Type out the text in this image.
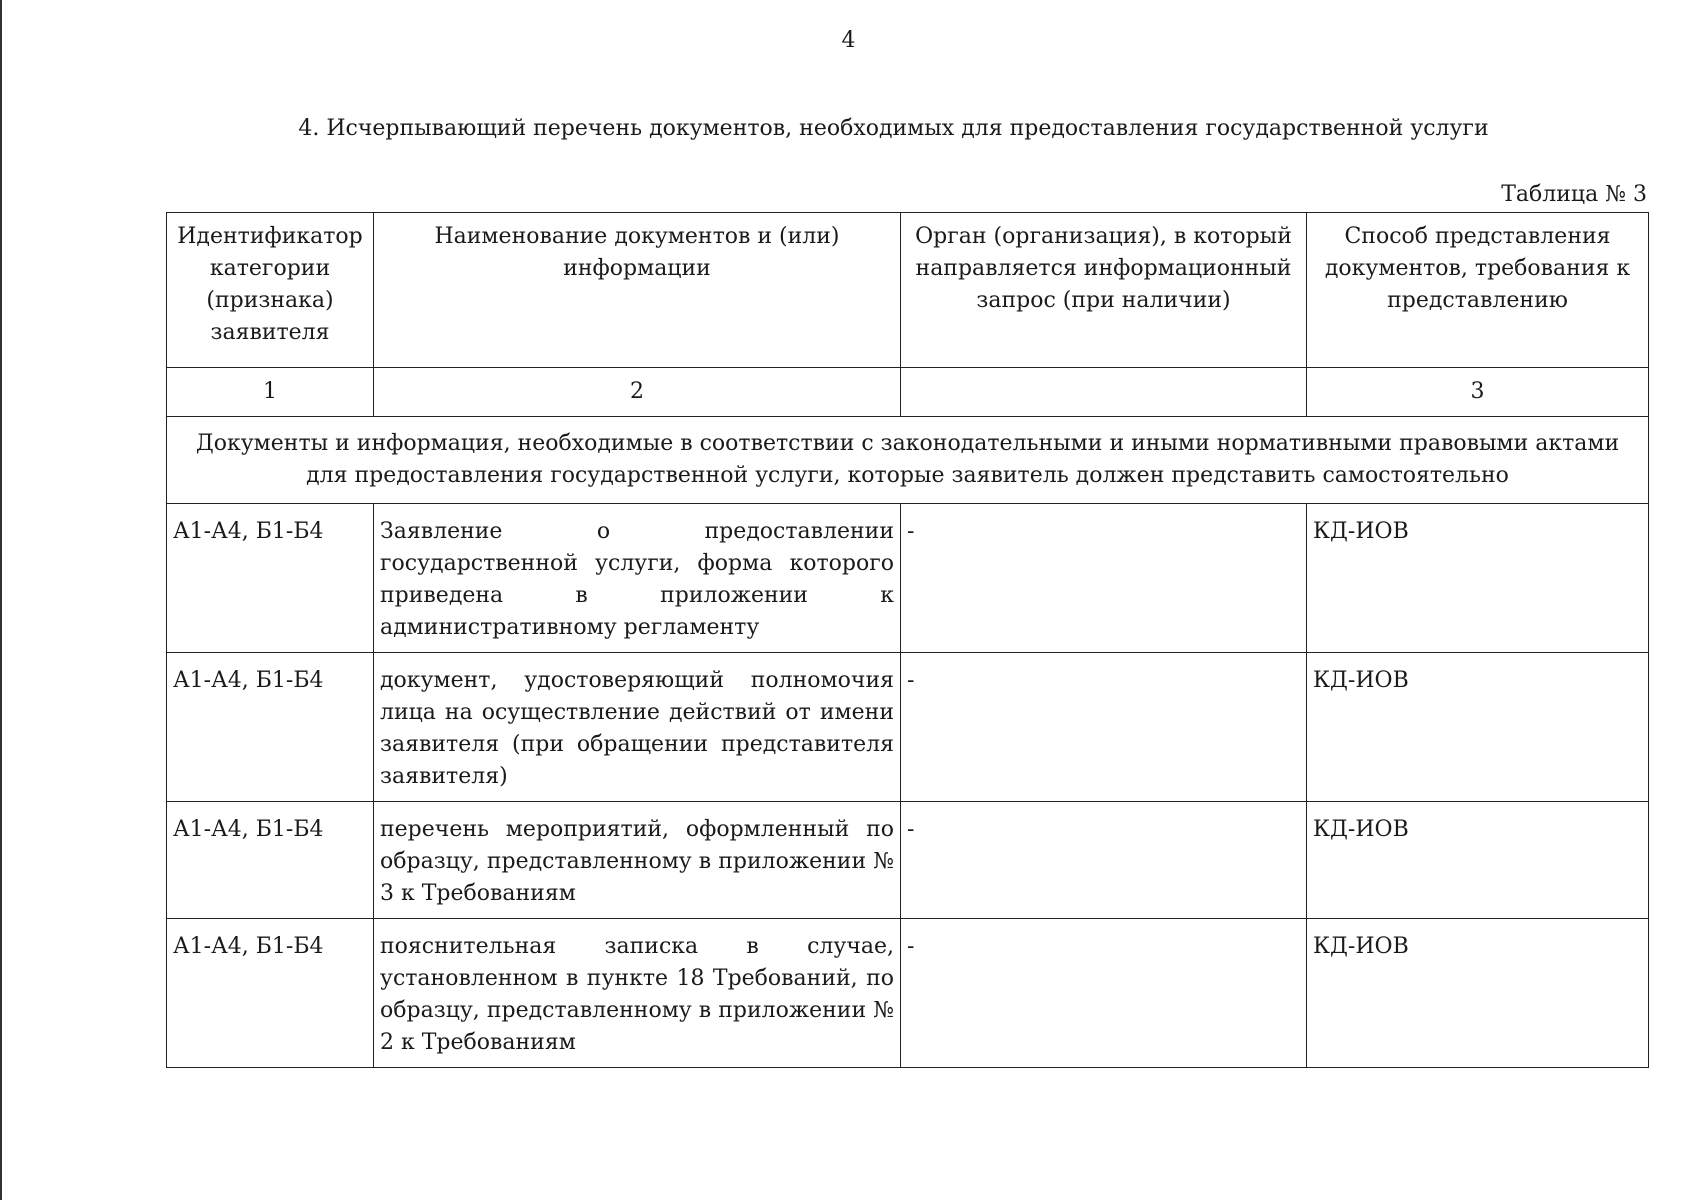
4
4. Исчерпывающий перечень документов, необходимых для предоставления государственной услуги
Таблица № 3
Идентификатор категории (признака) заявителя	Наименование документов и (или) информации	Орган (организация), в который направляется информационный запрос (при наличии)	Способ представления документов, требования к представлению
1	2		3
Документы и информация, необходимые в соответствии с законодательными и иными нормативными правовыми актами для предоставления государственной услуги, которые заявитель должен представить самостоятельно			
А1-А4, Б1-Б4	Заявление о предоставлении государственной услуги, форма которого приведена в приложении к административному регламенту	-	КД-ИОВ
А1-А4, Б1-Б4	документ, удостоверяющий полномочия лица на осуществление действий от имени заявителя (при обращении представителя заявителя)	-	КД-ИОВ
А1-А4, Б1-Б4	перечень мероприятий, оформленный по образцу, представленному в приложении № 3 к Требованиям	-	КД-ИОВ
А1-А4, Б1-Б4	пояснительная записка в случае, установленном в пункте 18 Требований, по образцу, представленному в приложении № 2 к Требованиям	-	КД-ИОВ
